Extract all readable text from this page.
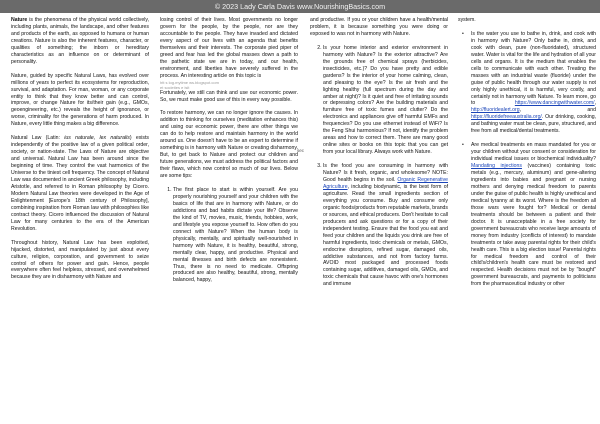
© 2023 Lady Carla Davis www.NourishingBasics.com
sec

Nature is the phenomena of the physical world collectively, including plants, animals, the landscape, and other features and products of the earth, as opposed to humans or human creations. Nature is also the inherent features, character, or qualities of something; the inborn or hereditary characteristics as an influence on or determinant of personality.

Nature, guided by specific Natural Laws, has evolved over millions of years to perfect its ecosystems for reproduction, survival, and adaptation. For man, woman, or any corporate entity to think that they know better and can control, improve, or change Nature for its/their gain (e.g., GMOs, geoengineering, etc.) reveals the height of ignorance, or worse, criminality for the generations of harm produced. In Nature, every little thing makes a big difference.

Natural Law (Latin: ius naturale, lex naturalis) exists independently of the positive law of a given political order, society, or nation-state. The Laws of Nature are objective and universal. Natural Law has been around since the beginning of time. They control the vast harmonics of the Universe to the tiniest cell frequency. The concept of Natural Law was documented in ancient Greek philosophy, including Aristotle, and referred to in Roman philosophy by Cicero. Modern Natural Law theories were developed in the Age of Enlightenment [Europe's 18th century of Philosophy], combining inspiration from Roman law with philosophies like contract theory. Cicero influenced the discussion of Natural Law for many centuries to the era of the American Revolution.

Throughout history, Natural Law has been exploited, hijacked, distorted, and manipulated by just about every culture, religion, corporation, and government to seize control of others for power and gain. Hence, people everywhere often feel helpless, stressed, and overwhelmed because they are in disharmony with Nature and

losing control of their lives. Most governments no longer govern for the people, by the people, nor are they accountable to the people. They have invaded and dictated every aspect of our lives with an agenda that benefits themselves and their interests. The corporate pied piper of greed and fear has led the global masses down a path to the pathetic state we are in today, and our health, environment, and liberties have severely suffered in the process. An interesting article on this topic is
htt s log.mytime ws.blogspot.com
et societies e isit
Fortunately, we still can think and use our economic power. So, we must make good use of this in every way possible.

To restore harmony, we can no longer ignore the causes. In addition to thinking for ourselves (meditation enhances this) and using our economic power, there are other things we can do to help restore and maintain harmony in the world around us. One doesn't have to be an expert to determine if something is in harmony with Nature or creating disharmony. But, to get back to Nature and protect our children and future generations, we must address the political factors and their flaws, which now control so much of our lives. Below are some tips:

1. The first place to start is within yourself. Are you properly nourishing yourself and your children with the basics of life that are in harmony with Nature, or do addictions and bad habits dictate your life? Observe the kind of TV, movies, music, friends, hobbies, work, and lifestyle you expose yourself to. How often do you connect with Nature? When the human body is physically, mentally, and spiritually well-nourished in harmony with Nature, it is healthy, beautiful, strong, mentally clear, happy, and productive. Physical and mental illnesses and birth defects are nonexistent. Thus, there is no need to medicate. Offspring produced are also healthy, beautiful, strong, mentally balanced, happy,

and productive. If you or your children have a health/mental problem, it is because something you were doing or exposed to was not in harmony with Nature.

2. Is your home interior and exterior environment in harmony with Nature? Is the exterior attractive? Are the grounds free of chemical sprays (herbicides, insecticides, etc.)? Do you have pretty and edible gardens? Is the interior of your home calming, clean, and pleasing to the eye? Is the air fresh and the lighting healthy (full spectrum during the day and amber at night)? Is it quiet and free of irritating sounds or depressing colors? Are the building materials and furniture free of toxic fumes and clutter? Do the electronics and appliances give off harmful EMFs and frequencies? Do you use ethernet instead of WiFi? Is the Feng Shui harmonious? If not, identify the problem areas and how to correct them. There are many good online sites or books on this topic that you can get from your local library. Always work with Nature.
3. Is the food you are consuming in harmony with Nature? Is it fresh, organic, and wholesome? NOTE: Good health begins in the soil. Organic Regenerative Agriculture, including biodynamic, is the best form of agriculture. Read the small ingredients section of everything you consume. Buy and consume only organic foods/products from reputable markets, brands or sources, and ethical producers. Don't hesitate to call producers and ask questions or for a copy of their independent testing. Ensure that the food you eat and feed your children and the liquids you drink are free of harmful ingredients, toxic chemicals or metals, GMOs, endocrine disruptors, refined sugar, damaged oils, addictive substances, and not from factory farms. AVOID most packaged and processed foods containing sugar, additives, damaged oils, GMOs, and toxic chemicals that cause havoc with one's hormones and immune

system.

• Is the water you use to bathe in, drink, and cook with in harmony with Nature? Only bathe in, drink, and cook with clean, pure (non-fluoridated), structured water. Water is vital for the life and hydration of all your cells and organs. It is the medium that enables the cells to communicate with each other. Treating the masses with an industrial waste (fluoride) under the guise of public health through our water supply is not only highly unethical, it is harmful, very costly, and certainly not in harmony with Nature. To learn more, go to https://www.dancingwithwater.com/, http://fluoridealert.org, and https://fluoridefreeaustralia.org/. Our drinking, cooking, and bathing water must be clean, pure, structured, and free from all medical/dental treatments.
• Are medical treatments en mass mandated for you or your children without your consent or consideration for individual medical issues or biochemical individuality? Mandating injections (vaccines) containing toxic metals (e.g., mercury, aluminum) and gene-altering ingredients into babies and pregnant or nursing mothers and denying medical freedom to parents under the guise of public health is highly unethical and medical tyranny at its worst. Where is the freedom all those wars were fought for? Medical or dental treatments should be between a patient and their doctor. It is unacceptable in a free society for government bureaucrats who receive large amounts of money from industry (conflicts of interest) to mandate treatments or take away parental rights for their child's health care. This is a big election issue! Parental rights for medical freedom and control of their child's/children's health care must be restored and respected. Health decisions must not be by "bought" government bureaucrats, and payments to politicians from the pharmaceutical industry or other
